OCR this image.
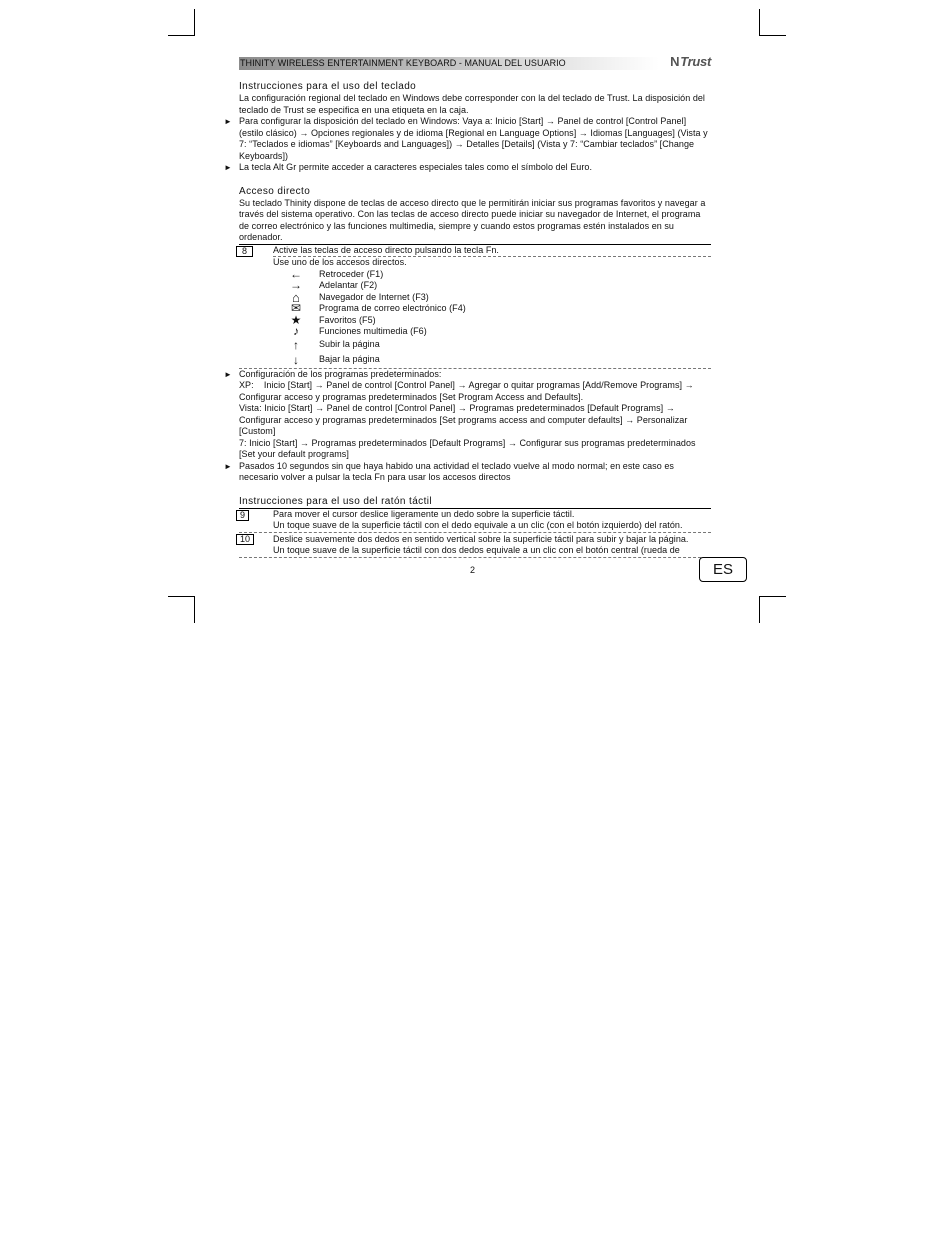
THINITY WIRELESS ENTERTAINMENT KEYBOARD - MANUAL DEL USUARIO	NTrust
Instrucciones para el uso del teclado

La configuración regional del teclado en Windows debe corresponder con la del teclado de Trust. La disposición del teclado de Trust se especifica en una etiqueta en la caja.

► Para configurar la disposición del teclado en Windows: Vaya a: Inicio [Start] → Panel de control [Control Panel] (estilo clásico) → Opciones regionales y de idioma [Regional en Language Options] → Idiomas [Languages] (Vista y 7: “Teclados e idiomas” [Keyboards and Languages]) → Detalles [Details] (Vista y 7: “Cambiar teclados” [Change Keyboards])

► La tecla Alt Gr permite acceder a caracteres especiales tales como el símbolo del Euro.

Acceso directo

Su teclado Thinity dispone de teclas de acceso directo que le permitirán iniciar sus programas favoritos y navegar a través del sistema operativo. Con las teclas de acceso directo puede iniciar su navegador de Internet, el programa de correo electrónico y las funciones multimedia, siempre y cuando estos programas estén instalados en su ordenador.

8	Active las teclas de acceso directo pulsando la tecla Fn.

Use uno de los accesos directos.

←	Retroceder (F1)
→	Adelantar (F2)
⌂	Navegador de Internet (F3)
✉	Programa de correo electrónico (F4)
★	Favoritos (F5)
♪	Funciones multimedia (F6)
↑	Subir la página
↓	Bajar la página
► Configuración de los programas predeterminados:

XP:    Inicio [Start] → Panel de control [Control Panel] → Agregar o quitar programas [Add/Remove Programs] → Configurar acceso y programas predeterminados [Set Program Access and Defaults].

Vista: Inicio [Start] → Panel de control [Control Panel] → Programas predeterminados [Default Programs] → Configurar acceso y programas predeterminados [Set programs access and computer defaults] → Personalizar [Custom]

7: Inicio [Start] → Programas predeterminados [Default Programs] → Configurar sus programas predeterminados [Set your default programs]

► Pasados 10 segundos sin que haya habido una actividad el teclado vuelve al modo normal; en este caso es necesario volver a pulsar la tecla Fn para usar los accesos directos

Instrucciones para el uso del ratón táctil
9	Para mover el cursor deslice ligeramente un dedo sobre la superficie táctil.

Un toque suave de la superficie táctil con el dedo equivale a un clic (con el botón izquierdo) del ratón.

10	Deslice suavemente dos dedos en sentido vertical sobre la superficie táctil para subir y bajar la página.

Un toque suave de la superficie táctil con dos dedos equivale a un clic con el botón central (rueda de

2	ES
